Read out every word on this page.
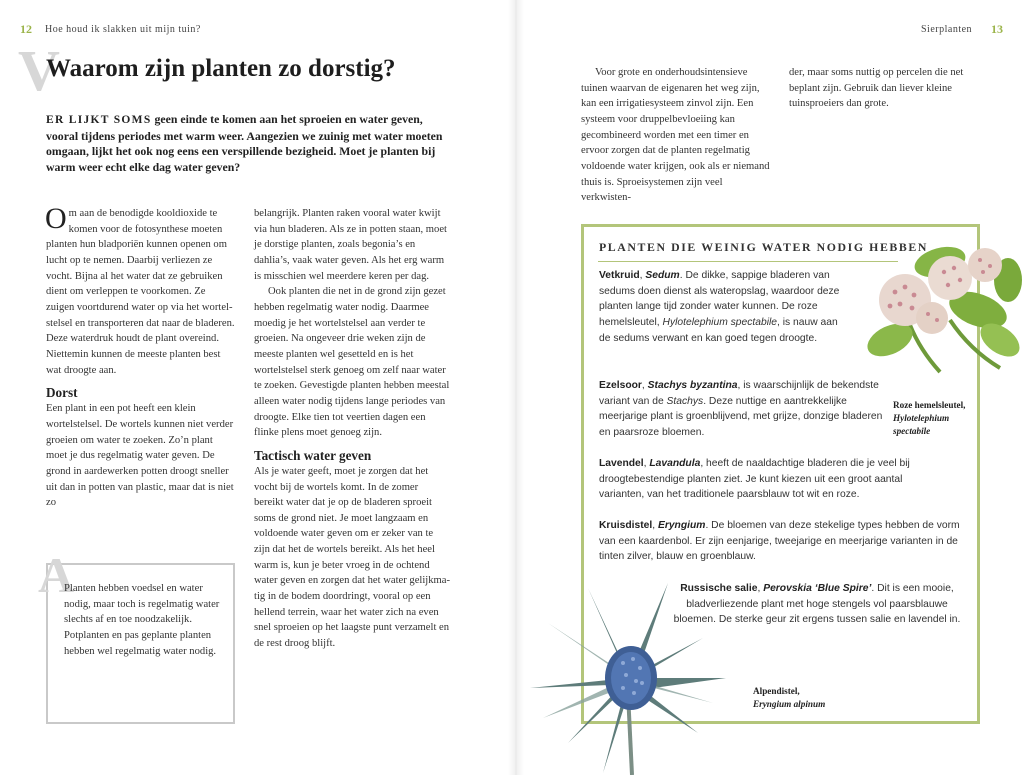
12 Hoe houd ik slakken uit mijn tuin?	Sierplanten 13
V
Waarom zijn planten zo dorstig?
ER LIJKT SOMS geen einde te komen aan het sproeien en water geven, vooral tijdens periodes met warm weer. Aangezien we zuinig met water moeten omgaan, lijkt het ook nog eens een verspillende bezigheid. Moet je planten bij warm weer echt elke dag water geven?

Om aan de benodigde kooldioxide te komen voor de fotosynthese moeten planten hun bladporiën kunnen openen om lucht op te nemen. Daarbij verliezen ze vocht. Bijna al het water dat ze gebruiken dient om verleppen te voorkomen. Ze zuigen voortdurend water op via het wortelstelsel en transporteren dat naar de bladeren. Deze waterdruk houdt de plant overeind. Niettemin kunnen de meeste planten best wat droogte aan.

Dorst

Een plant in een pot heeft een klein wortelstelsel. De wortels kunnen niet verder groeien om water te zoeken. Zo’n plant moet je dus regelmatig water geven. De grond in aardewerken potten droogt sneller uit dan in potten van plastic, maar dat is niet zo

belangrijk. Planten raken vooral water kwijt via hun bladeren. Als ze in potten staan, moet je dorstige planten, zoals begonia’s en dahlia’s, vaak water geven. Als het erg warm is misschien wel meerdere keren per dag.

Ook planten die net in de grond zijn gezet hebben regelmatig water nodig. Daarmee moedig je het wortelstelsel aan verder te groeien. Na ongeveer drie weken zijn de meeste planten wel gesetteld en is het wortelstelsel sterk genoeg om zelf naar water te zoeken. Gevestigde planten hebben meestal alleen water nodig tijdens lange periodes van droogte. Elke tien tot veertien dagen een flinke plens moet genoeg zijn.

Tactisch water geven

Als je water geeft, moet je zorgen dat het vocht bij de wortels komt. In de zomer bereikt water dat je op de bladeren sproeit soms de grond niet. Je moet langzaam en voldoende water geven om er zeker van te zijn dat het de wortels bereikt. Als het heel warm is, kun je beter vroeg in de ochtend water geven en zorgen dat het water gelijkmatig in de bodem doordringt, vooral op een hellend terrein, waar het water zich na even snel sproeien op het laagste punt verzamelt en de rest droog blijft.

A
Planten hebben voedsel en water nodig, maar toch is regelmatig water slechts af en toe noodzakelijk. Potplanten en pas geplante planten hebben wel regelmatig water nodig.
Voor grote en onderhoudsintensieve tuinen waarvan de eigenaren het weg zijn, kan een irrigatiesysteem zinvol zijn. Een systeem voor druppelbevloeiing kan gecombineerd worden met een timer en ervoor zorgen dat de planten regelmatig voldoende water krijgen, ook als er niemand thuis is. Sproeisystemen zijn veel verkwisten-
der, maar soms nuttig op percelen die net beplant zijn. Gebruik dan liever kleine tuinsproeiers dan grote.
PLANTEN DIE WEINIG WATER NODIG HEBBEN
Vetkruid, Sedum. De dikke, sappige bladeren van sedums doen dienst als wateropslag, waardoor deze planten lange tijd zonder water kunnen. De roze hemelsleutel, Hylotelephium spectabile, is nauw aan de sedums verwant en kan goed tegen droogte.
Ezelsoor, Stachys byzantina, is waarschijnlijk de bekendste variant van de Stachys. Deze nuttige en aantrekkelijke meerjarige plant is groenblijvend, met grijze, donzige bladeren en paarsroze bloemen.
Lavendel, Lavandula, heeft de naaldachtige bladeren die je veel bij droogtebestendige planten ziet. Je kunt kiezen uit een groot aantal varianten, van het traditionele paarsblauw tot wit en roze.
Kruisdistel, Eryngium. De bloemen van deze stekelige types hebben de vorm van een kaardenbol. Er zijn eenjarige, tweejarige en meerjarige varianten in de tinten zilver, blauw en groenblauw.
Russische salie, Perovskia ‘Blue Spire’. Dit is een mooie, bladverliezende plant met hoge stengels vol paarsblauwe bloemen. De sterke geur zit ergens tussen salie en lavendel in.
Roze hemelsleutel,
Hylotelephium spectabile
Alpendistel,
Eryngium alpinum
